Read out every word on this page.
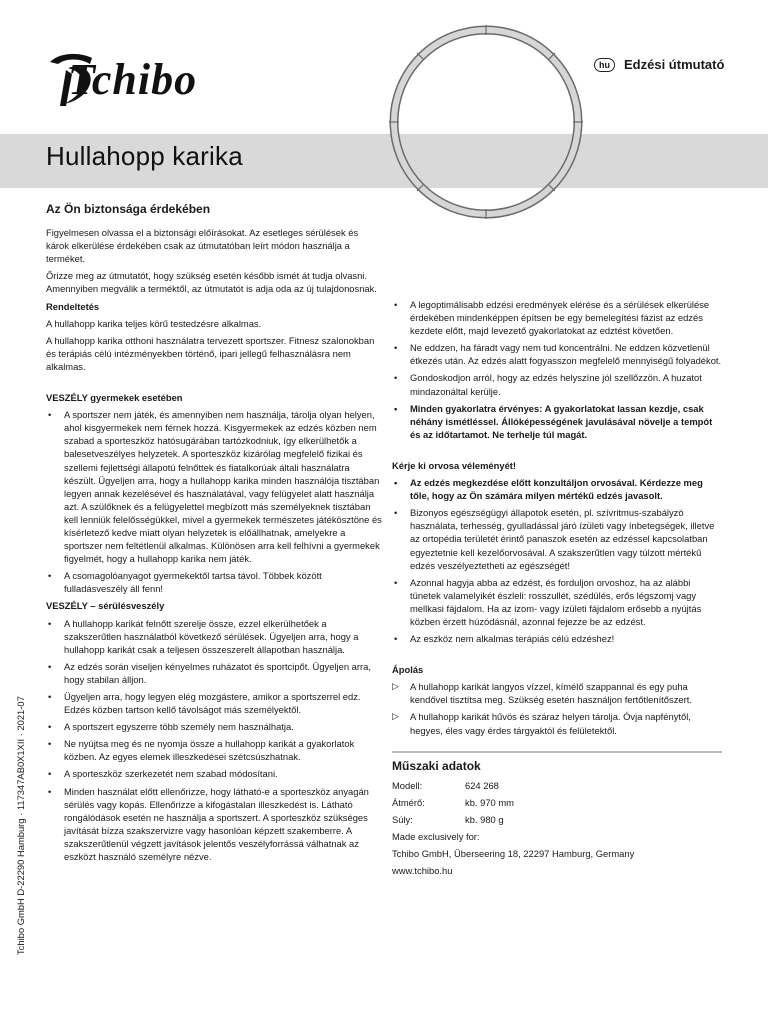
Tchibo	hu	Edzési útmutató
Hullahopp karika
Az Ön biztonsága érdekében
Figyelmesen olvassa el a biztonsági előírásokat. Az esetleges sérülések és károk elkerülése érdekében csak az útmutatóban leírt módon használja a terméket.
Őrizze meg az útmutatót, hogy szükség esetén később ismét át tudja olvasni. Amennyiben megválik a terméktől, az útmutatót is adja oda az új tulajdonosnak.
Rendeltetés
A hullahopp karika teljes körű testedzésre alkalmas.
A hullahopp karika otthoni használatra tervezett sportszer. Fitnesz szalonokban és terápiás célú intézményekben történő, ipari jellegű felhasználásra nem alkalmas.
VESZÉLY gyermekek esetében
• A sportszer nem játék, és amennyiben nem használja, tárolja olyan helyen, ahol kisgyermekek nem férnek hozzá. Kisgyermekek az edzés közben nem szabad a sporteszköz hatósugárában tartózkodniuk, így elkerülhetők a balesetveszélyes helyzetek. A sporteszköz kizárólag megfelelő fizikai és szellemi fejlettségi állapotú felnőttek és fiatalkorúak általi használatra készült. Ügyeljen arra, hogy a hullahopp karika minden használója tisztában legyen annak kezelésével és használatával, vagy felügyelet alatt használja azt. A szülőknek és a felügyelettel megbízott más személyeknek tisztában kell lenniük felelősségükkel, mivel a gyermekek természetes játékösztöne és kísérletező kedve miatt olyan helyzetek is előállhatnak, amelyekre a sportszer nem feltétlenül alkalmas. Különösen arra kell felhívni a gyermekek figyelmét, hogy a hullahopp karika nem játék.
• A csomagolóanyagot gyermekektől tartsa távol. Többek között fulladásveszély áll fenn!
VESZÉLY – sérülésveszély
• A hullahopp karikát felnőtt szerelje össze, ezzel elkerülhetőek a szakszerűtlen használatból következő sérülések. Ügyeljen arra, hogy a hullahopp karikát csak a teljesen összeszerelt állapotban használja.
• Az edzés során viseljen kényelmes ruházatot és sportcipőt. Ügyeljen arra, hogy stabilan álljon.
• Ügyeljen arra, hogy legyen elég mozgástere, amikor a sportszerrel edz. Edzés közben tartson kellő távolságot más személyektől.
• A sportszert egyszerre több személy nem használhatja.
• Ne nyújtsa meg és ne nyomja össze a hullahopp karikát a gyakorlatok közben. Az egyes elemek illeszkedései szétcsúszhatnak.
• A sporteszköz szerkezetét nem szabad módosítani.
• Minden használat előtt ellenőrizze, hogy látható-e a sporteszköz anyagán sérülés vagy kopás. Ellenőrizze a kifogástalan illeszkedést is. Látható rongálódások esetén ne használja a sportszert. A sporteszköz szükséges javítását bízza szakszervizre vagy hasonlóan képzett szakemberre. A szakszerűtlenül végzett javítások jelentős veszélyforrássá válhatnak az eszközt használó személyre nézve.
• A legoptimálisabb edzési eredmények elérése és a sérülések elkerülése érdekében mindenképpen építsen be egy bemelegítési fázist az edzés kezdete előtt, majd levezető gyakorlatokat az edztést követően.
• Ne eddzen, ha fáradt vagy nem tud koncentrálni. Ne eddzen közvetlenül étkezés után. Az edzés alatt fogyasszon megfelelő mennyiségű folyadékot.
• Gondoskodjon arról, hogy az edzés helyszíne jól szellőzzön. A huzatot mindazonáltal kerülje.
• Minden gyakorlatra érvényes: A gyakorlatokat lassan kezdje, csak néhány ismétléssel. Állóképességének javulásával növelje a tempót és az időtartamot. Ne terhelje túl magát.
Kérje ki orvosa véleményét!
• Az edzés megkezdése előtt konzultáljon orvosával. Kérdezze meg tőle, hogy az Ön számára milyen mértékű edzés javasolt.
• Bizonyos egészségügyi állapotok esetén, pl. szívritmus-szabályzó használata, terhesség, gyulladással járó ízületi vagy ínbetegségek, illetve az ortopédia területét érintő panaszok esetén az edzéssel kapcsolatban egyeztetnie kell kezelőorvosával. A szakszerűtlen vagy túlzott mértékű edzés veszélyeztetheti az egészségét!
• Azonnal hagyja abba az edzést, és forduljon orvoshoz, ha az alábbi tünetek valamelyikét észleli: rosszullét, szédülés, erős légszomj vagy mellkasi fájdalom. Ha az izom- vagy ízületi fájdalom erősebb a nyújtás közben érzett húzódásnál, azonnal fejezze be az edzést.
• Az eszköz nem alkalmas terápiás célú edzéshez!
Ápolás
▷ A hullahopp karikát langyos vízzel, kímélő szappannal és egy puha kendővel tisztítsa meg. Szükség esetén használjon fertőtlenítőszert.
▷ A hullahopp karikát hűvös és száraz helyen tárolja. Óvja napfénytől, hegyes, éles vagy érdes tárgyaktól és felületektől.
Műszaki adatok
Modell:	624 268
Átmérő:	kb. 970 mm
Súly:	kb. 980 g
Made exclusively for:
Tchibo GmbH, Überseering 18, 22297 Hamburg, Germany
www.tchibo.hu
Tchibo GmbH D-22290 Hamburg · 117347AB0X1XII · 2021-07
